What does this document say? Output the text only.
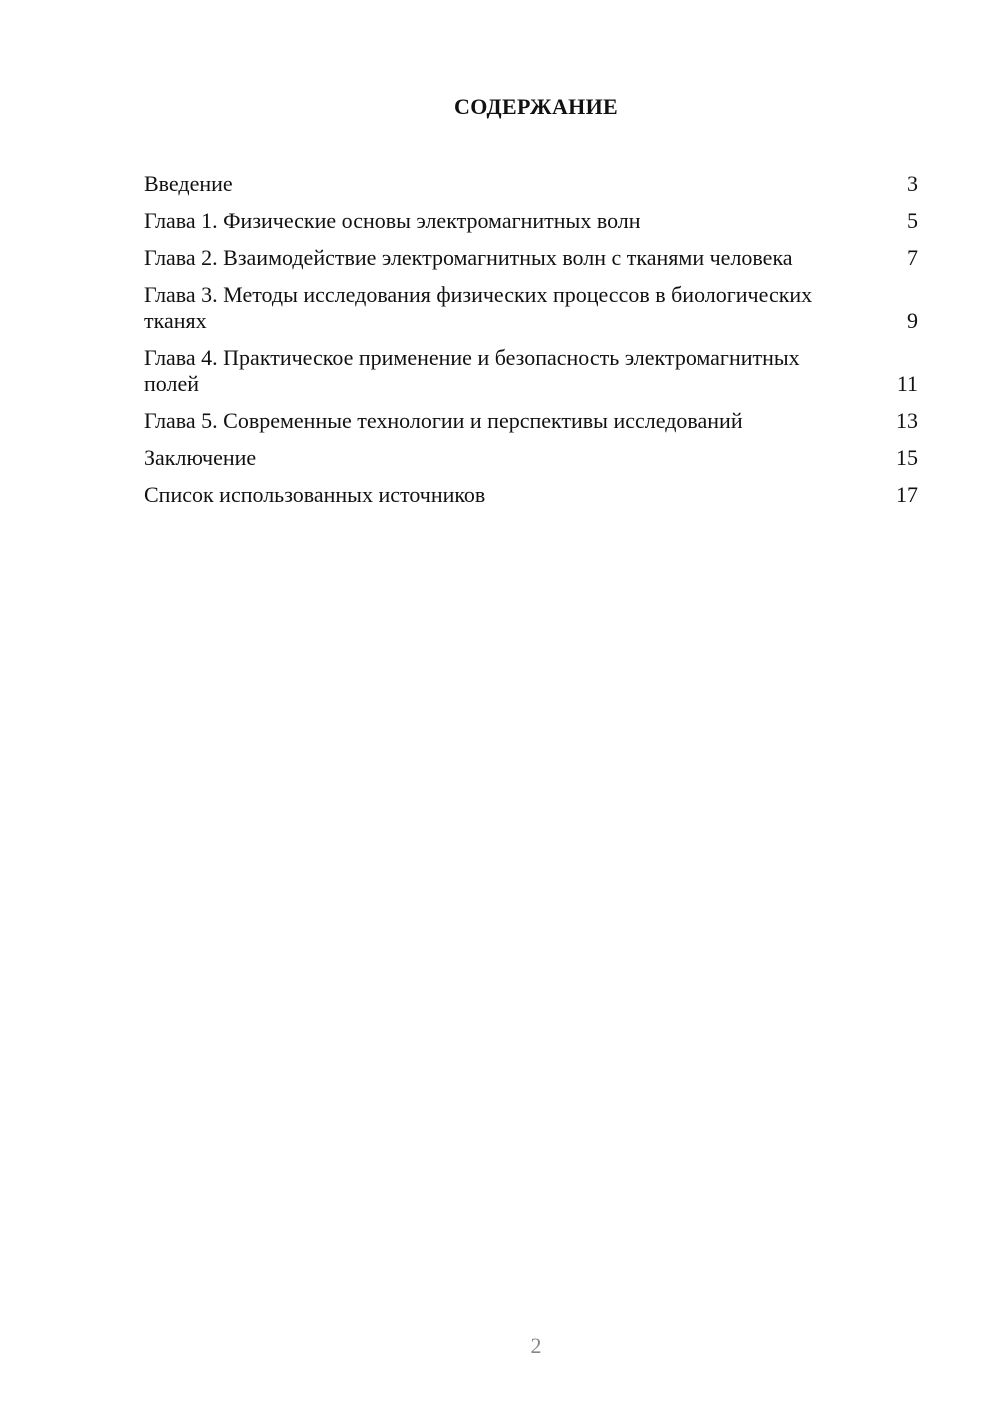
СОДЕРЖАНИЕ
Введение	3
Глава 1. Физические основы электромагнитных волн	5
Глава 2. Взаимодействие электромагнитных волн с тканями человека	7
Глава 3. Методы исследования физических процессов в биологических тканях	9
Глава 4. Практическое применение и безопасность электромагнитных полей	11
Глава 5. Современные технологии и перспективы исследований	13
Заключение	15
Список использованных источников	17
2
